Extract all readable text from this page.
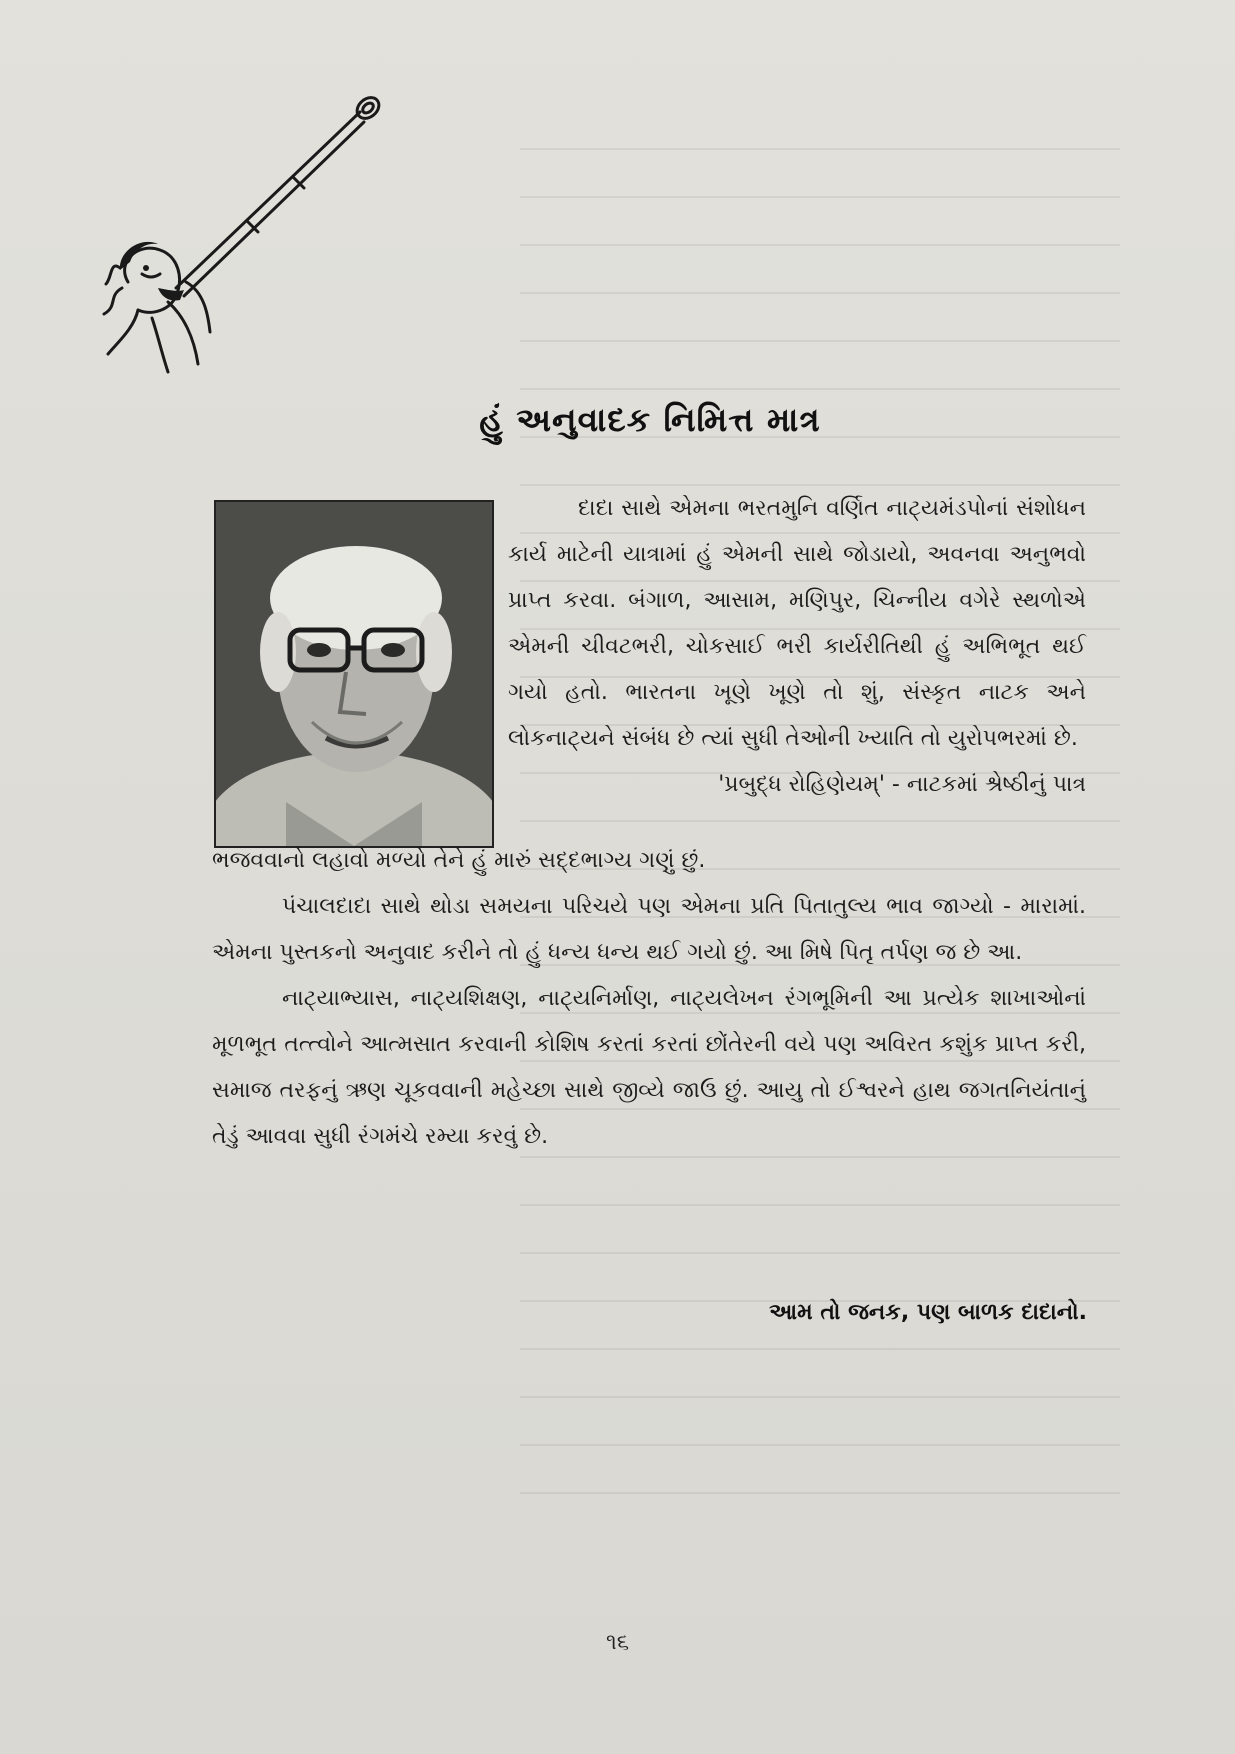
હું અનુવાદક નિમિત્ત માત્ર

દાદા સાથે એમના ભરતમુનિ વર્ણિત નાટ્યમંડપોનાં સંશોધન કાર્ય માટેની યાત્રામાં હું એમની સાથે જોડાયો, અવનવા અનુભવો પ્રાપ્ત કરવા. બંગાળ, આસામ, મણિપુર, ચિન્નીય વગેરે સ્થળોએ એમની ચીવટભરી, ચોકસાઈ ભરી કાર્યરીતિથી હું અભિભૂત થઈ ગયો હતો. ભારતના ખૂણે ખૂણે તો શું, સંસ્કૃત નાટક અને લોકનાટ્યને સંબંધ છે ત્યાં સુધી તેઓની ખ્યાતિ તો યુરોપભરમાં છે.

'પ્રબુદ્ધ રોહિણેયમ્' - નાટકમાં શ્રેષ્ઠીનું પાત્ર

ભજવવાનો લહાવો મળ્યો તેને હું મારું સદ્દભાગ્ય ગણું છું.

પંચાલદાદા સાથે થોડા સમયના પરિચયે પણ એમના પ્રતિ પિતાતુલ્ય ભાવ જાગ્યો - મારામાં. એમના પુસ્તકનો અનુવાદ કરીને તો હું ધન્ય ધન્ય થઈ ગયો છું. આ મિષે પિતૃ તર્પણ જ છે આ.

નાટ્યાભ્યાસ, નાટ્યશિક્ષણ, નાટ્યનિર્માણ, નાટ્યલેખન રંગભૂમિની આ પ્રત્યેક શાખાઓનાં મૂળભૂત તત્ત્વોને આત્મસાત કરવાની કોશિષ કરતાં કરતાં છોંતેરની વયે પણ અવિરત કશુંક પ્રાપ્ત કરી, સમાજ તરફનું ઋણ ચૂકવવાની મહેચ્છા સાથે જીવ્યે જાઉ છું. આયુ તો ઈશ્વરને હાથ જગતનિયંતાનું તેડું આવવા સુધી રંગમંચે રમ્યા કરવું છે.

આમ તો જનક, પણ બાળક દાદાનો.
૧૬
